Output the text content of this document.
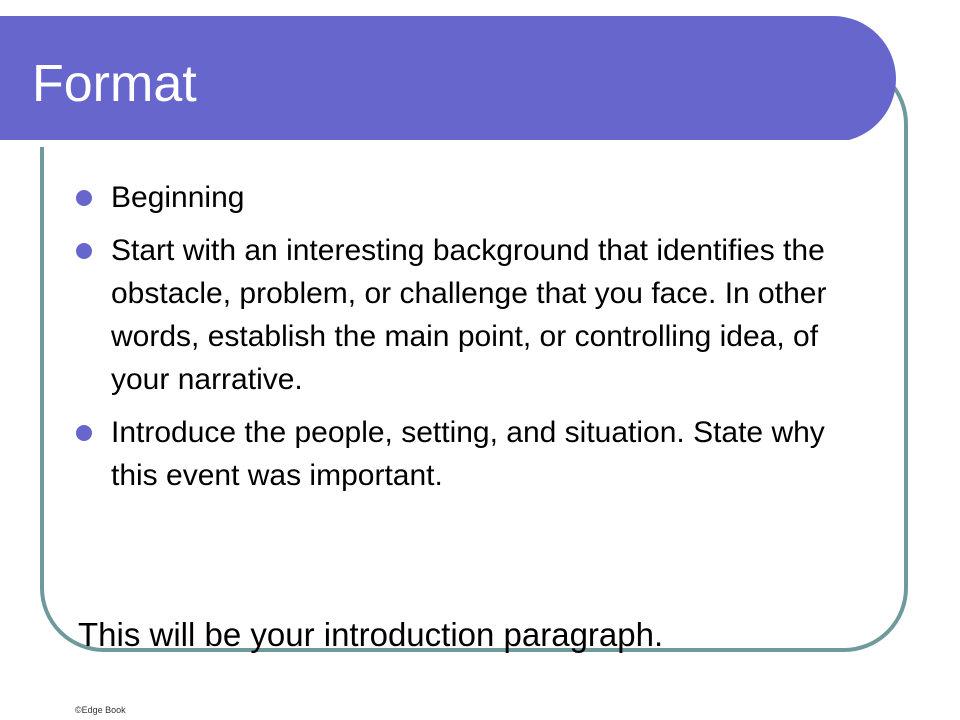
Format
Beginning
Start with an interesting background that identifies the obstacle, problem, or challenge that you face. In other words, establish the main point, or controlling idea, of your narrative.
Introduce the people, setting, and situation. State why this event was important.

This will be your introduction paragraph.

©Edge Book
